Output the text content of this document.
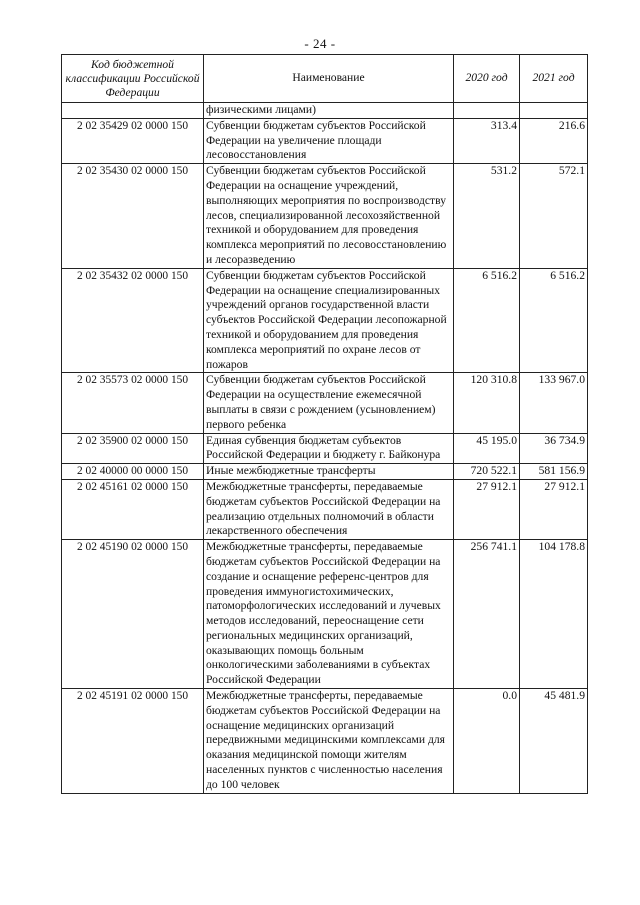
- 24 -
Код бюджетной классификации Российской Федерации	Наименование	2020 год	2021 год
	физическими лицами)		
2 02 35429 02 0000 150	Субвенции бюджетам субъектов Российской Федерации на увеличение площади лесовосстановления	313.4	216.6
2 02 35430 02 0000 150	Субвенции бюджетам субъектов Российской Федерации на оснащение учреждений, выполняющих мероприятия по воспроизводству лесов, специализированной лесохозяйственной техникой и оборудованием для проведения комплекса мероприятий по лесовосстановлению и лесоразведению	531.2	572.1
2 02 35432 02 0000 150	Субвенции бюджетам субъектов Российской Федерации на оснащение специализированных учреждений органов государственной власти субъектов Российской Федерации лесопожарной техникой и оборудованием для проведения комплекса мероприятий по охране лесов от пожаров	6 516.2	6 516.2
2 02 35573 02 0000 150	Субвенции бюджетам субъектов Российской Федерации на осуществление ежемесячной выплаты в связи с рождением (усыновлением) первого ребенка	120 310.8	133 967.0
2 02 35900 02 0000 150	Единая субвенция бюджетам субъектов Российской Федерации и бюджету г. Байконура	45 195.0	36 734.9
2 02 40000 00 0000 150	Иные межбюджетные трансферты	720 522.1	581 156.9
2 02 45161 02 0000 150	Межбюджетные трансферты, передаваемые бюджетам субъектов Российской Федерации на реализацию отдельных полномочий в области лекарственного обеспечения	27 912.1	27 912.1
2 02 45190 02 0000 150	Межбюджетные трансферты, передаваемые бюджетам субъектов Российской Федерации на создание и оснащение референс-центров для проведения иммуногистохимических, патоморфологических исследований и лучевых методов исследований, переоснащение сети региональных медицинских организаций, оказывающих помощь больным онкологическими заболеваниями в субъектах Российской Федерации	256 741.1	104 178.8
2 02 45191 02 0000 150	Межбюджетные трансферты, передаваемые бюджетам субъектов Российской Федерации на оснащение медицинских организаций передвижными медицинскими комплексами для оказания медицинской помощи жителям населенных пунктов с численностью населения до 100 человек	0.0	45 481.9
